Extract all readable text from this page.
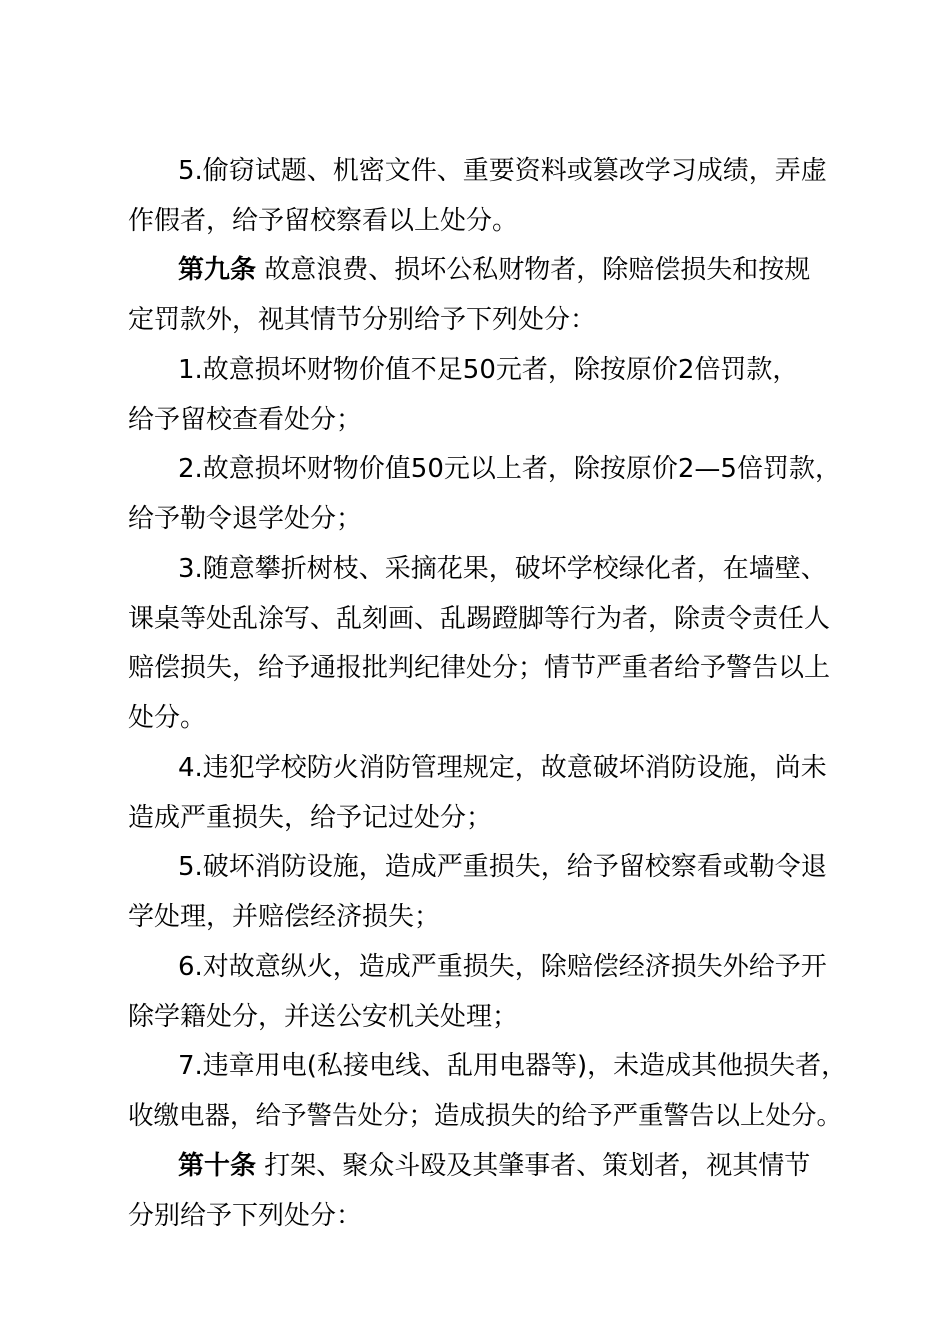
5.偷窃试题、机密文件、重要资料或篡改学习成绩，弄虚
作假者，给予留校察看以上处分。

第九条 故意浪费、损坏公私财物者，除赔偿损失和按规
定罚款外，视其情节分别给予下列处分：

1.故意损坏财物价值不足50元者，除按原价2倍罚款，
给予留校查看处分；

2.故意损坏财物价值50元以上者，除按原价2—5倍罚款，
给予勒令退学处分；

3.随意攀折树枝、采摘花果，破坏学校绿化者，在墙壁、
课桌等处乱涂写、乱刻画、乱踢蹬脚等行为者，除责令责任人
赔偿损失，给予通报批判纪律处分；情节严重者给予警告以上
处分。

4.违犯学校防火消防管理规定，故意破坏消防设施，尚未
造成严重损失，给予记过处分；

5.破坏消防设施，造成严重损失，给予留校察看或勒令退
学处理，并赔偿经济损失；

6.对故意纵火，造成严重损失，除赔偿经济损失外给予开
除学籍处分，并送公安机关处理；

7.违章用电(私接电线、乱用电器等)，未造成其他损失者，
收缴电器，给予警告处分；造成损失的给予严重警告以上处分。

第十条 打架、聚众斗殴及其肇事者、策划者，视其情节
分别给予下列处分：
